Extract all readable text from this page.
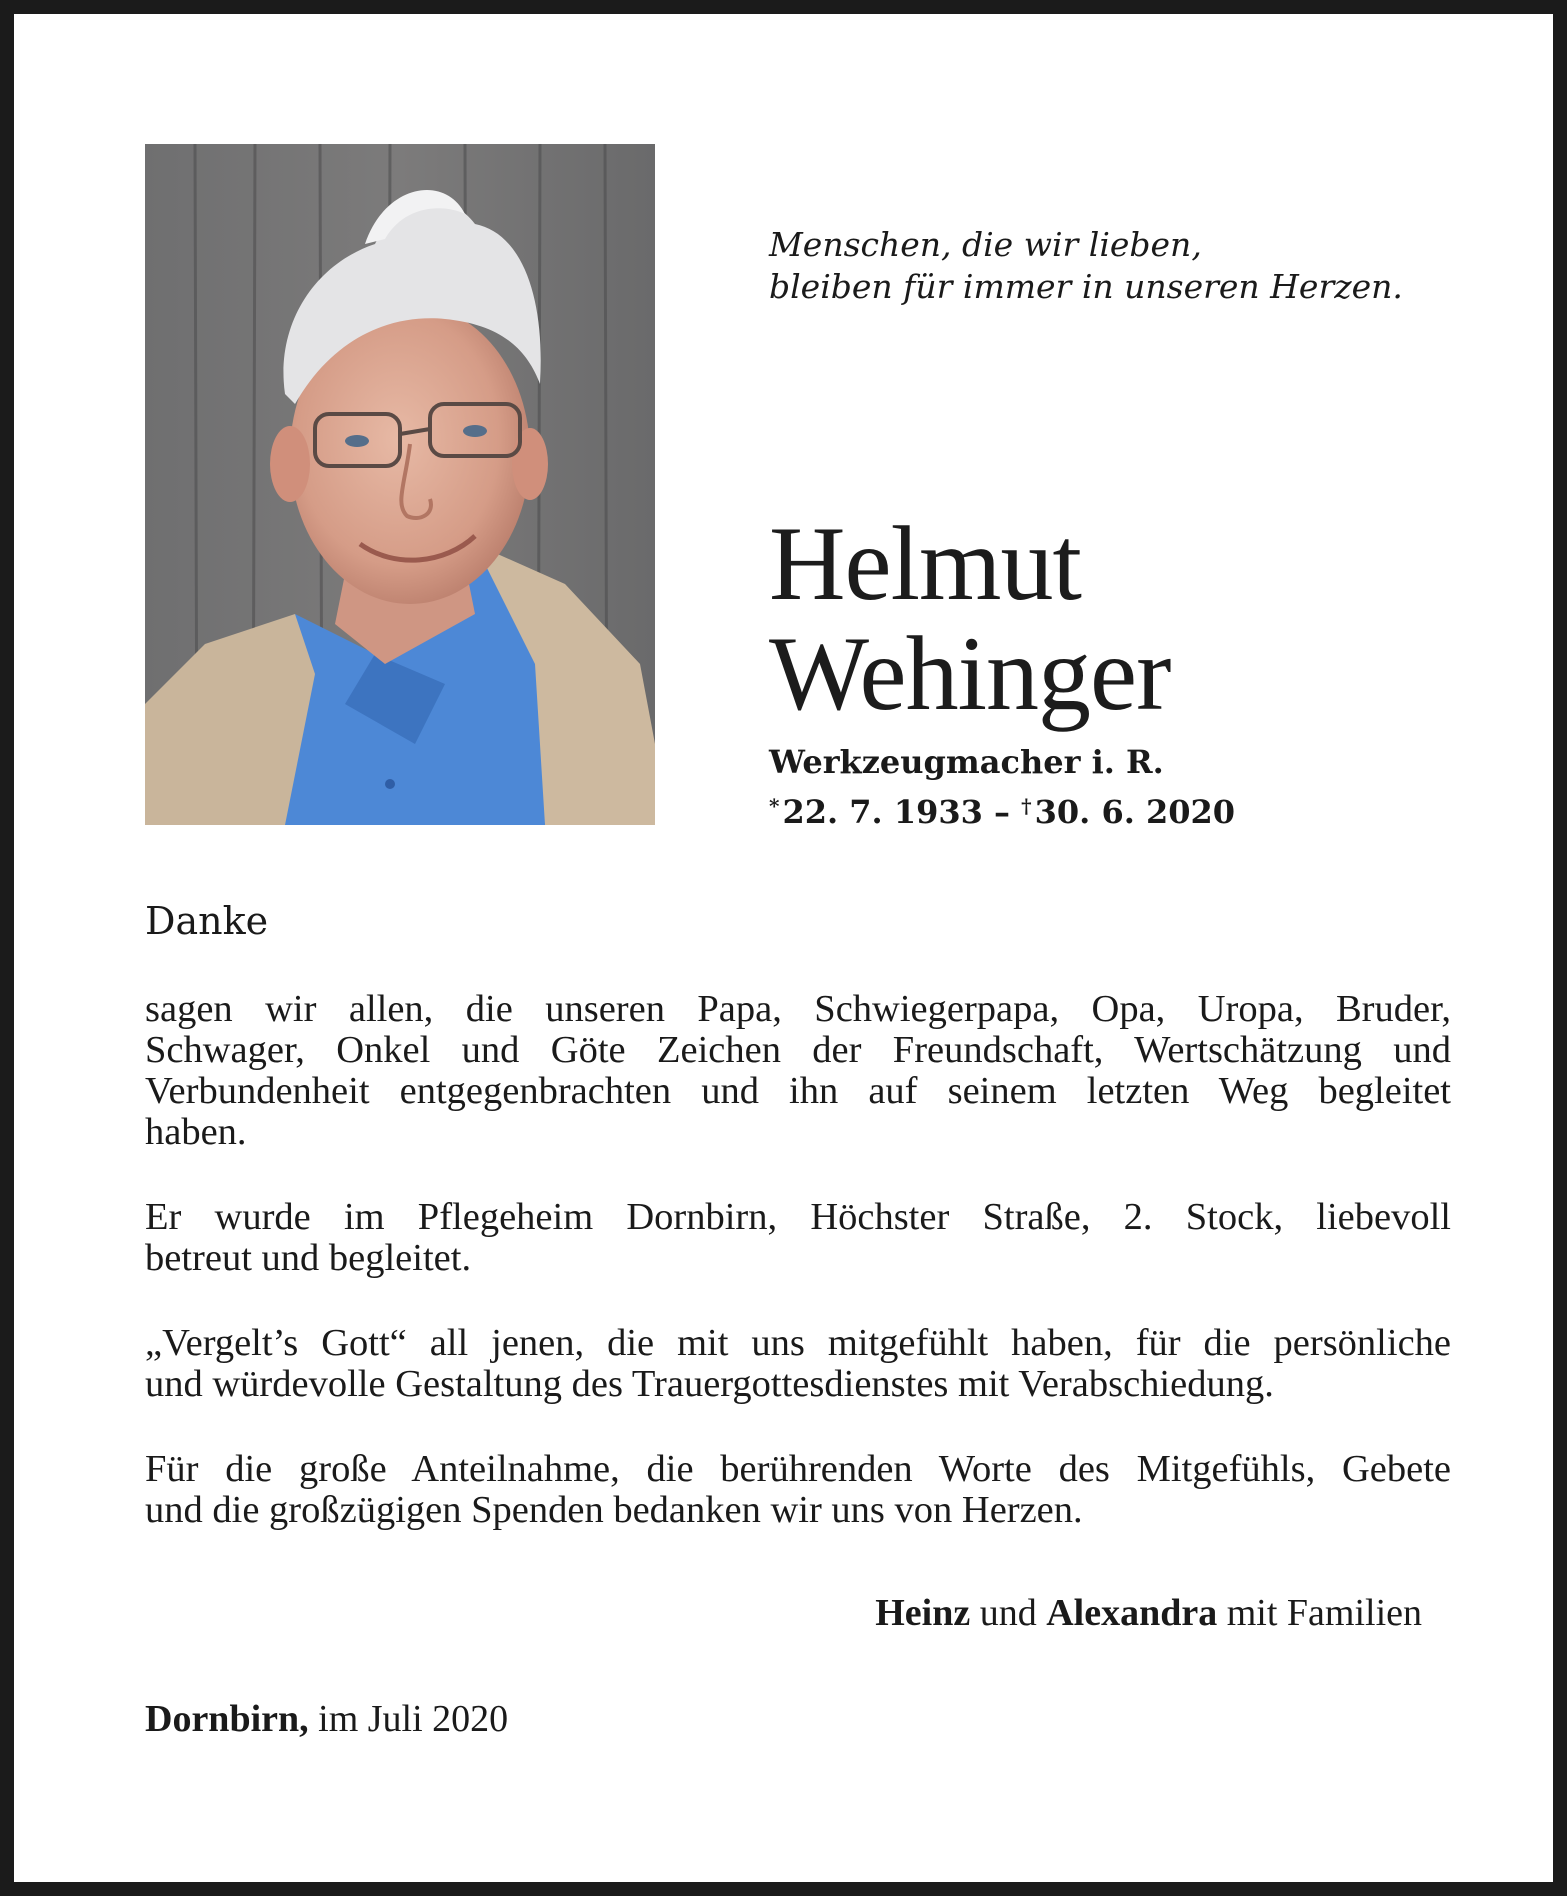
Menschen, die wir lieben,
bleiben für immer in unseren Herzen.
Helmut
Wehinger
Werkzeugmacher i. R.
*22. 7. 1933 – †30. 6. 2020
Danke
sagen wir allen, die unseren Papa, Schwiegerpapa, Opa, Uropa, Bruder,
Schwager, Onkel und Göte Zeichen der Freundschaft, Wertschätzung und
Verbundenheit entgegenbrachten und ihn auf seinem letzten Weg begleitet
haben.
Er wurde im Pflegeheim Dornbirn, Höchster Straße, 2. Stock, liebevoll
betreut und begleitet.
„Vergelt’s Gott“ all jenen, die mit uns mitgefühlt haben, für die persönliche
und würdevolle Gestaltung des Trauergottesdienstes mit Verabschiedung.
Für die große Anteilnahme, die berührenden Worte des Mitgefühls, Gebete
und die großzügigen Spenden bedanken wir uns von Herzen.
Heinz und Alexandra mit Familien
Dornbirn, im Juli 2020
